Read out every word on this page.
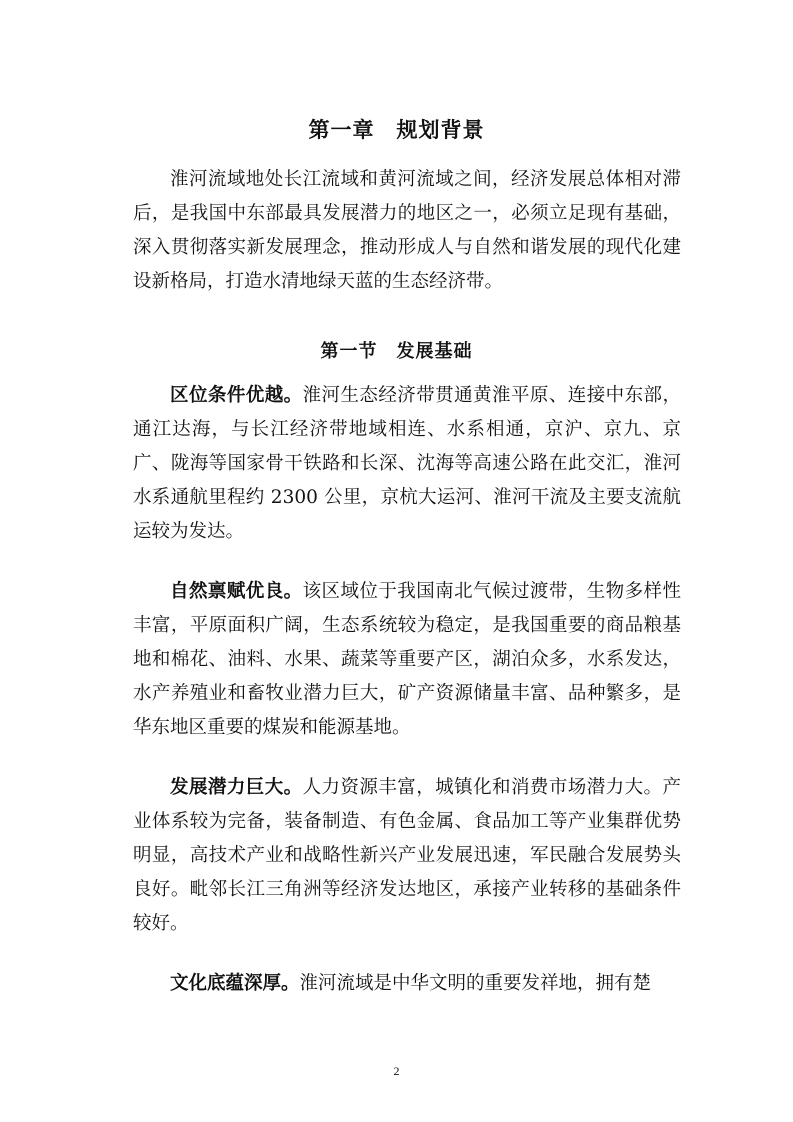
第一章　规划背景

淮河流域地处长江流域和黄河流域之间，经济发展总体相对滞后，是我国中东部最具发展潜力的地区之一，必须立足现有基础，深入贯彻落实新发展理念，推动形成人与自然和谐发展的现代化建设新格局，打造水清地绿天蓝的生态经济带。

第一节　发展基础

区位条件优越。淮河生态经济带贯通黄淮平原、连接中东部，通江达海，与长江经济带地域相连、水系相通，京沪、京九、京广、陇海等国家骨干铁路和长深、沈海等高速公路在此交汇，淮河水系通航里程约 2300 公里，京杭大运河、淮河干流及主要支流航运较为发达。

自然禀赋优良。该区域位于我国南北气候过渡带，生物多样性丰富，平原面积广阔，生态系统较为稳定，是我国重要的商品粮基地和棉花、油料、水果、蔬菜等重要产区，湖泊众多，水系发达，水产养殖业和畜牧业潜力巨大，矿产资源储量丰富、品种繁多，是华东地区重要的煤炭和能源基地。

发展潜力巨大。人力资源丰富，城镇化和消费市场潜力大。产业体系较为完备，装备制造、有色金属、食品加工等产业集群优势明显，高技术产业和战略性新兴产业发展迅速，军民融合发展势头良好。毗邻长江三角洲等经济发达地区，承接产业转移的基础条件较好。

文化底蕴深厚。淮河流域是中华文明的重要发祥地，拥有楚

2
